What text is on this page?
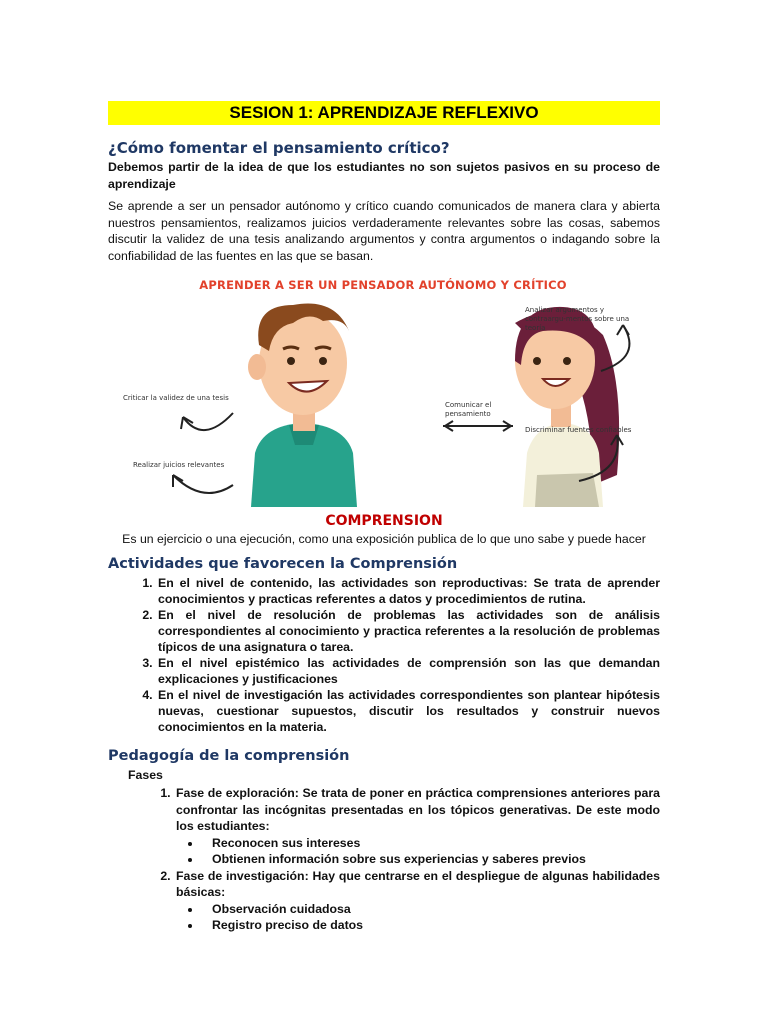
SESION 1: APRENDIZAJE REFLEXIVO
¿Cómo fomentar el pensamiento crítico?
Debemos partir de la idea de que los estudiantes no son sujetos pasivos en su proceso de aprendizaje
Se aprende a ser un pensador autónomo y crítico cuando comunicados de manera clara y abierta nuestros pensamientos, realizamos juicios verdaderamente relevantes sobre las cosas, sabemos discutir la validez de una tesis analizando argumentos y contra argumentos o indagando sobre la confiabilidad de las fuentes en las que se basan.
APRENDER A SER UN PENSADOR AUTÓNOMO Y CRÍTICO
Criticar la validez de una tesis
Realizar juicios relevantes
Comunicar el pensamiento
Analizar argumentos y contraargu-mentos sobre una teoría
Discriminar fuentes confiables
COMPRENSION
Es un ejercicio o una ejecución, como una exposición publica de lo que uno sabe y puede hacer
Actividades que favorecen la Comprensión
1. En el nivel de contenido, las actividades son reproductivas: Se trata de aprender conocimientos y practicas referentes a datos y procedimientos de rutina.
2. En el nivel de resolución de problemas las actividades son de análisis correspondientes al conocimiento y practica referentes a la resolución de problemas típicos de una asignatura o tarea.
3. En el nivel epistémico las actividades de comprensión son las que demandan explicaciones y justificaciones
4. En el nivel de investigación las actividades correspondientes son plantear hipótesis nuevas, cuestionar supuestos, discutir los resultados y construir nuevos conocimientos en la materia.
Pedagogía de la comprensión
Fases
1. Fase de exploración: Se trata de poner en práctica comprensiones anteriores para confrontar las incógnitas presentadas en los tópicos generativas. De este modo los estudiantes:
• Reconocen sus intereses
• Obtienen información sobre sus experiencias y saberes previos
2. Fase de investigación: Hay que centrarse en el despliegue de algunas habilidades básicas:
• Observación cuidadosa
• Registro preciso de datos
